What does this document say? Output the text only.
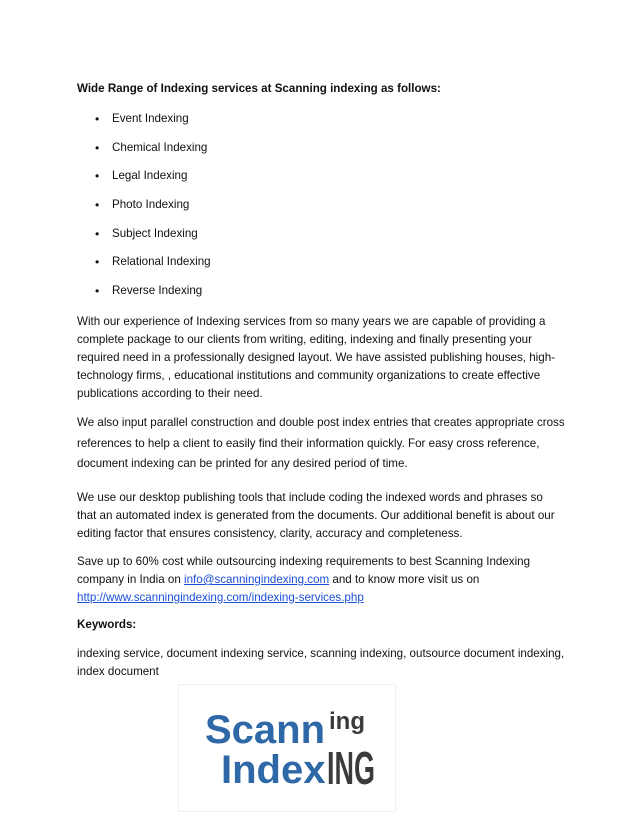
Wide Range of Indexing services at Scanning indexing as follows:
•	Event Indexing
•	Chemical Indexing
•	Legal Indexing
•	Photo Indexing
•	Subject Indexing
•	Relational Indexing
•	Reverse Indexing

With our experience of Indexing services from so many years we are capable of providing a complete package to our clients from writing, editing, indexing and finally presenting your required need in a professionally designed layout. We have assisted publishing houses, high-technology firms, , educational institutions and community organizations to create effective publications according to their need.

We also input parallel construction and double post index entries that creates appropriate cross references to help a client to easily find their information quickly. For easy cross reference, document indexing can be printed for any desired period of time.

We use our desktop publishing tools that include coding the indexed words and phrases so that an automated index is generated from the documents. Our additional benefit is about our editing factor that ensures consistency, clarity, accuracy and completeness.

Save up to 60% cost while outsourcing indexing requirements to best Scanning Indexing company in India on info@scanningindexing.com and to know more visit us on
http://www.scanningindexing.com/indexing-services.php

Keywords:

indexing service, document indexing service, scanning indexing, outsource document indexing, index document

Scann
Index
ing
ING
